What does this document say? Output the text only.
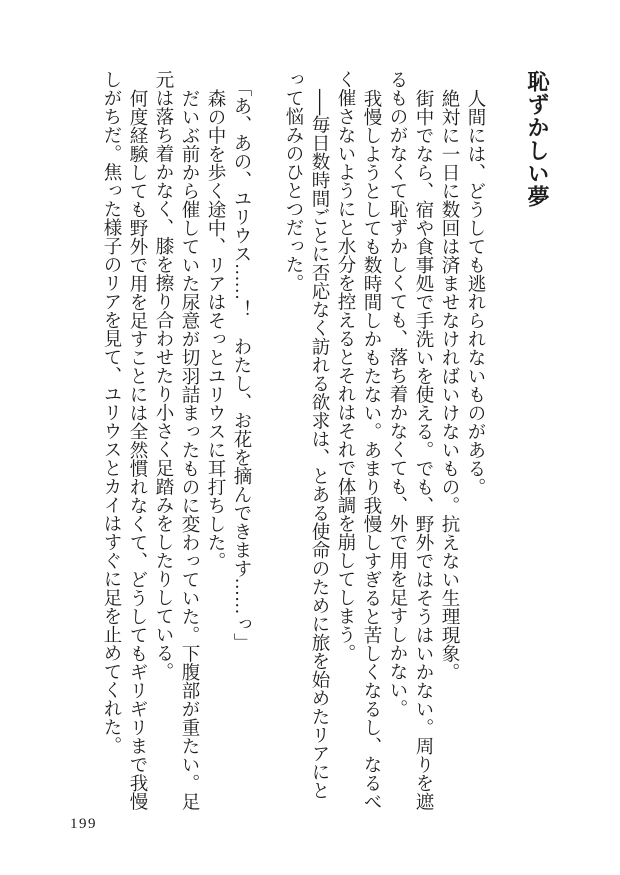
恥ずかしい夢
人間には、どうしても逃れられないものがある。
絶対に一日に数回は済ませなければいけないもの。抗えない生理現象。
街中でなら、宿や食事処で手洗いを使える。でも、野外ではそうはいかない。周りを遮
るものがなくて恥ずかしくても、落ち着かなくても、外で用を足すしかない。
我慢しようとしても数時間しかもたない。あまり我慢しすぎると苦しくなるし、なるべ
く催さないようにと水分を控えるとそれはそれで体調を崩してしまう。
──毎日数時間ごとに否応なく訪れる欲求は、とある使命のために旅を始めたリアにと
って悩みのひとつだった。
「あ、あの、ユリウス……！　わたし、お花を摘んできます……っ」
森の中を歩く途中、リアはそっとユリウスに耳打ちした。
だいぶ前から催していた尿意が切羽詰まったものに変わっていた。下腹部が重たい。足
元は落ち着かなく、膝を擦り合わせたり小さく足踏みをしたりしている。
何度経験しても野外で用を足すことには全然慣れなくて、どうしてもギリギリまで我慢
しがちだ。焦った様子のリアを見て、ユリウスとカイはすぐに足を止めてくれた。
199
